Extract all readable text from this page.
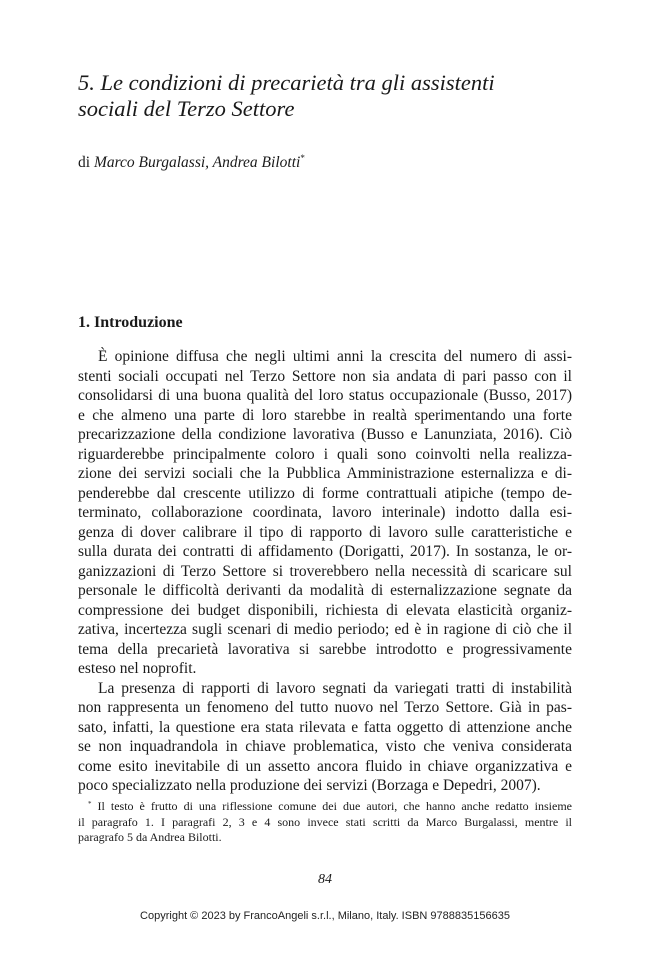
5. Le condizioni di precarietà tra gli assistenti
sociali del Terzo Settore
di Marco Burgalassi, Andrea Bilotti*
1. Introduzione

È opinione diffusa che negli ultimi anni la crescita del numero di assi-
stenti sociali occupati nel Terzo Settore non sia andata di pari passo con il
consolidarsi di una buona qualità del loro status occupazionale (Busso, 2017)
e che almeno una parte di loro starebbe in realtà sperimentando una forte
precarizzazione della condizione lavorativa (Busso e Lanunziata, 2016). Ciò
riguarderebbe principalmente coloro i quali sono coinvolti nella realizza-
zione dei servizi sociali che la Pubblica Amministrazione esternalizza e di-
penderebbe dal crescente utilizzo di forme contrattuali atipiche (tempo de-
terminato, collaborazione coordinata, lavoro interinale) indotto dalla esi-
genza di dover calibrare il tipo di rapporto di lavoro sulle caratteristiche e
sulla durata dei contratti di affidamento (Dorigatti, 2017). In sostanza, le or-
ganizzazioni di Terzo Settore si troverebbero nella necessità di scaricare sul
personale le difficoltà derivanti da modalità di esternalizzazione segnate da
compressione dei budget disponibili, richiesta di elevata elasticità organiz-
zativa, incertezza sugli scenari di medio periodo; ed è in ragione di ciò che il
tema della precarietà lavorativa si sarebbe introdotto e progressivamente
esteso nel noprofit.

La presenza di rapporti di lavoro segnati da variegati tratti di instabilità
non rappresenta un fenomeno del tutto nuovo nel Terzo Settore. Già in pas-
sato, infatti, la questione era stata rilevata e fatta oggetto di attenzione anche
se non inquadrandola in chiave problematica, visto che veniva considerata
come esito inevitabile di un assetto ancora fluido in chiave organizzativa e
poco specializzato nella produzione dei servizi (Borzaga e Depedri, 2007).

* Il testo è frutto di una riflessione comune dei due autori, che hanno anche redatto insieme
il paragrafo 1. I paragrafi 2, 3 e 4 sono invece stati scritti da Marco Burgalassi, mentre il
paragrafo 5 da Andrea Bilotti.
84
Copyright © 2023 by FrancoAngeli s.r.l., Milano, Italy. ISBN 9788835156635
